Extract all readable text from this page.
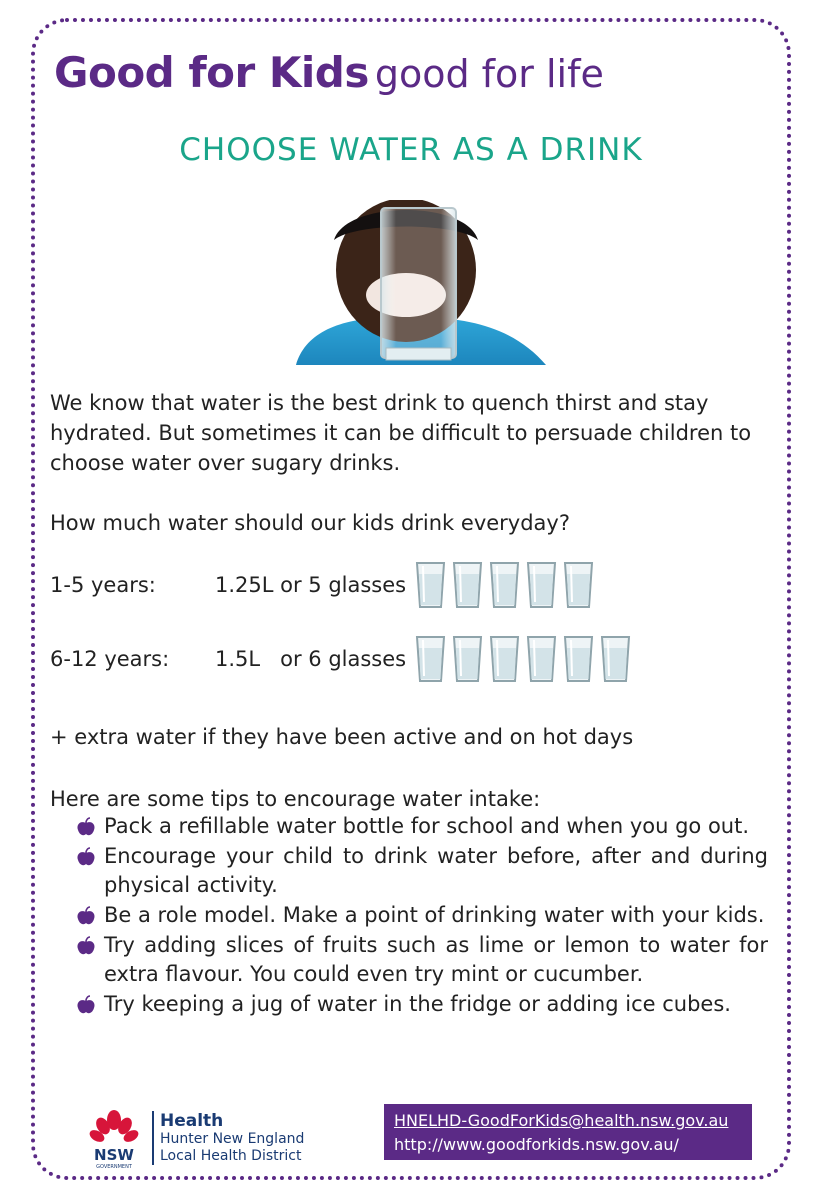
Good for Kids good for life
CHOOSE WATER AS A DRINK
We know that water is the best drink to quench thirst and stay hydrated. But sometimes it can be difficult to persuade children to choose water over sugary drinks.
How much water should our kids drink everyday?
1-5 years:	1.25L or 5 glasses
6-12 years:	1.5L   or 6 glasses
+ extra water if they have been active and on hot days
Here are some tips to encourage water intake:
Pack a refillable water bottle for school and when you go out.
Encourage your child to drink water before, after and during physical activity.
Be a role model. Make a point of drinking water with your kids.
Try adding slices of fruits such as lime or lemon to water for extra flavour. You could even try mint or cucumber.
Try keeping a jug of water in the fridge or adding ice cubes.
NSW
GOVERNMENT
Health
Hunter New England
Local Health District
HNELHD-GoodForKids@health.nsw.gov.au
http://www.goodforkids.nsw.gov.au/
